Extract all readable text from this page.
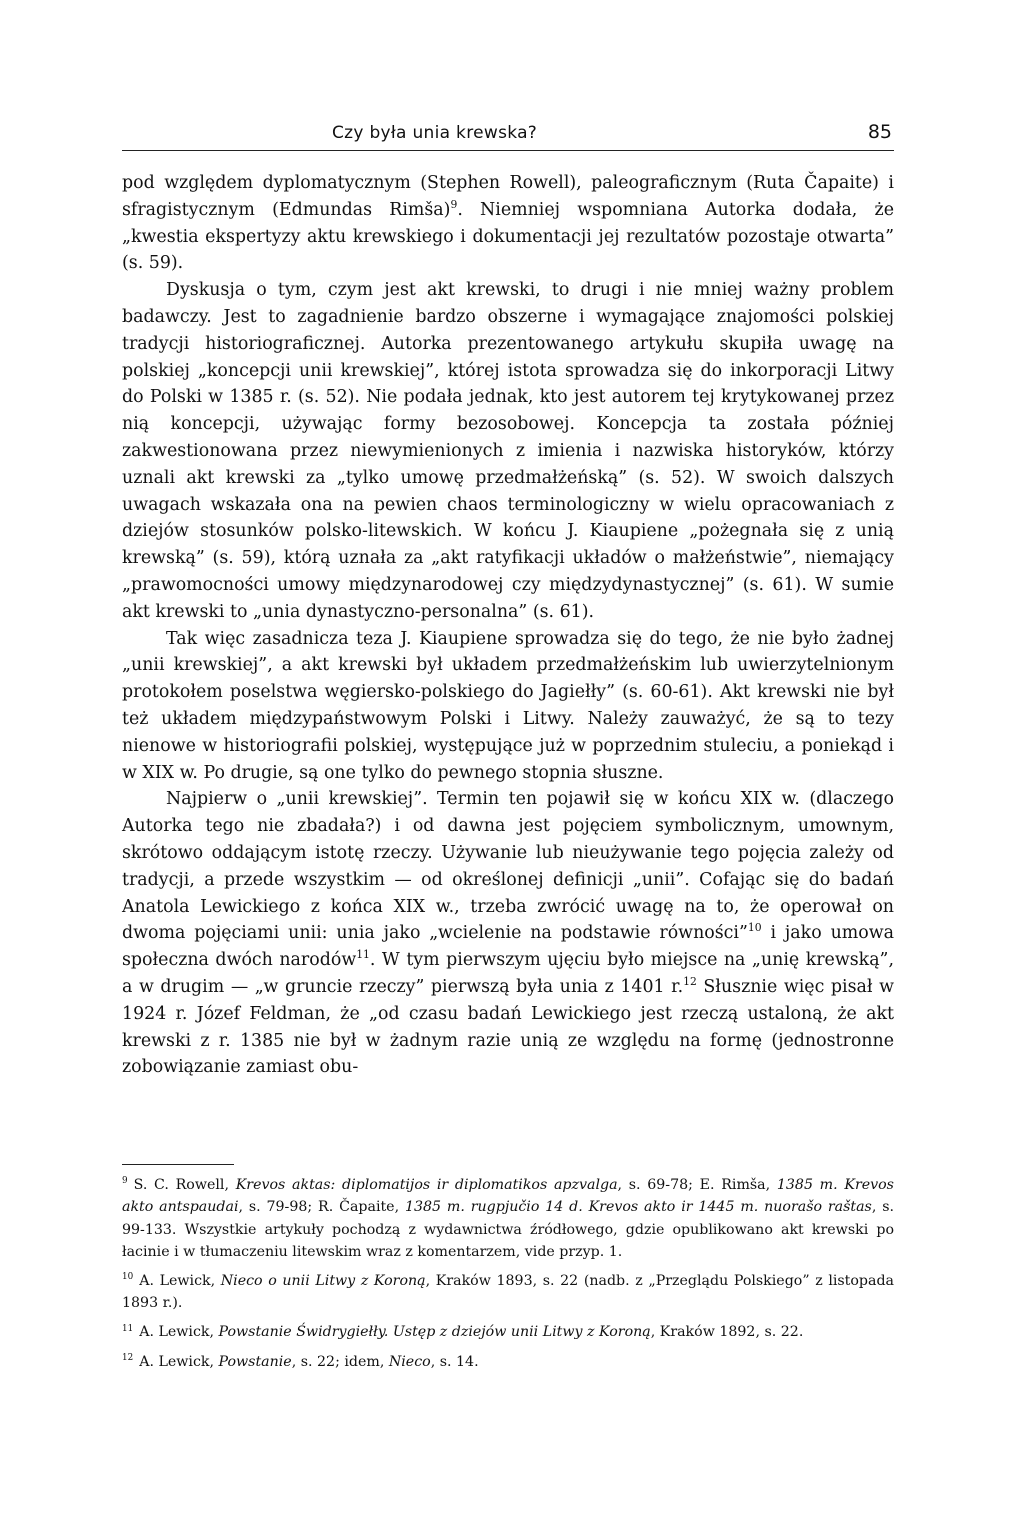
Czy była unia krewska?	85

pod względem dyplomatycznym (Stephen Rowell), paleograficznym (Ruta Čapaite) i sfragistycznym (Edmundas Rimša)$^9$. Niemniej wspomniana Autorka dodała, że „kwestia ekspertyzy aktu krewskiego i dokumentacji jej rezultatów pozostaje otwarta” (s. 59).

Dyskusja o tym, czym jest akt krewski, to drugi i nie mniej ważny problem badawczy. Jest to zagadnienie bardzo obszerne i wymagające znajomości polskiej tradycji historiograficznej. Autorka prezentowanego artykułu skupiła uwagę na polskiej „koncepcji unii krewskiej”, której istota sprowadza się do inkorporacji Litwy do Polski w 1385 r. (s. 52). Nie podała jednak, kto jest autorem tej krytykowanej przez nią koncepcji, używając formy bezosobowej. Koncepcja ta została później zakwestionowana przez niewymienionych z imienia i nazwiska historyków, którzy uznali akt krewski za „tylko umowę przedmałżeńską” (s. 52). W swoich dalszych uwagach wskazała ona na pewien chaos terminologiczny w wielu opracowaniach z dziejów stosunków polsko-litewskich. W końcu J. Kiaupiene „pożegnała się z unią krewską” (s. 59), którą uznała za „akt ratyfikacji układów o małżeństwie”, niemający „prawomocności umowy międzynarodowej czy międzydynastycznej” (s. 61). W sumie akt krewski to „unia dynastyczno-personalna” (s. 61).

Tak więc zasadnicza teza J. Kiaupiene sprowadza się do tego, że nie było żadnej „unii krewskiej”, a akt krewski był układem przedmałżeńskim lub uwierzytelnionym protokołem poselstwa węgiersko-polskiego do Jagiełły” (s. 60-61). Akt krewski nie był też układem międzypaństwowym Polski i Litwy. Należy zauważyć, że są to tezy nienowe w historiografii polskiej, występujące już w poprzednim stuleciu, a poniekąd i w XIX w. Po drugie, są one tylko do pewnego stopnia słuszne.

Najpierw o „unii krewskiej”. Termin ten pojawił się w końcu XIX w. (dlaczego Autorka tego nie zbadała?) i od dawna jest pojęciem symbolicznym, umownym, skrótowo oddającym istotę rzeczy. Używanie lub nieużywanie tego pojęcia zależy od tradycji, a przede wszystkim — od określonej definicji „unii”. Cofając się do badań Anatola Lewickiego z końca XIX w., trzeba zwrócić uwagę na to, że operował on dwoma pojęciami unii: unia jako „wcielenie na podstawie równości”$^{10}$ i jako umowa społeczna dwóch narodów$^{11}$. W tym pierwszym ujęciu było miejsce na „unię krewską”, a w drugim — „w gruncie rzeczy” pierwszą była unia z 1401 r.$^{12}$ Słusznie więc pisał w 1924 r. Józef Feldman, że „od czasu badań Lewickiego jest rzeczą ustaloną, że akt krewski z r. 1385 nie był w żadnym razie unią ze względu na formę (jednostronne zobowiązanie zamiast obu-

$^9$ S. C. Rowell, Krevos aktas: diplomatijos ir diplomatikos apzvalga, s. 69-78; E. Rimša, 1385 m. Krevos akto antspaudai, s. 79-98; R. Čapaite, 1385 m. rugpjučio 14 d. Krevos akto ir 1445 m. nuorašo raštas, s. 99-133. Wszystkie artykuły pochodzą z wydawnictwa źródłowego, gdzie opublikowano akt krewski po łacinie i w tłumaczeniu litewskim wraz z komentarzem, vide przyp. 1.

$^{10}$ A. Lewick, Nieco o unii Litwy z Koroną, Kraków 1893, s. 22 (nadb. z „Przeglądu Polskiego” z listopada 1893 r.).

$^{11}$ A. Lewick, Powstanie Świdrygiełły. Ustęp z dziejów unii Litwy z Koroną, Kraków 1892, s. 22.

$^{12}$ A. Lewick, Powstanie, s. 22; idem, Nieco, s. 14.
